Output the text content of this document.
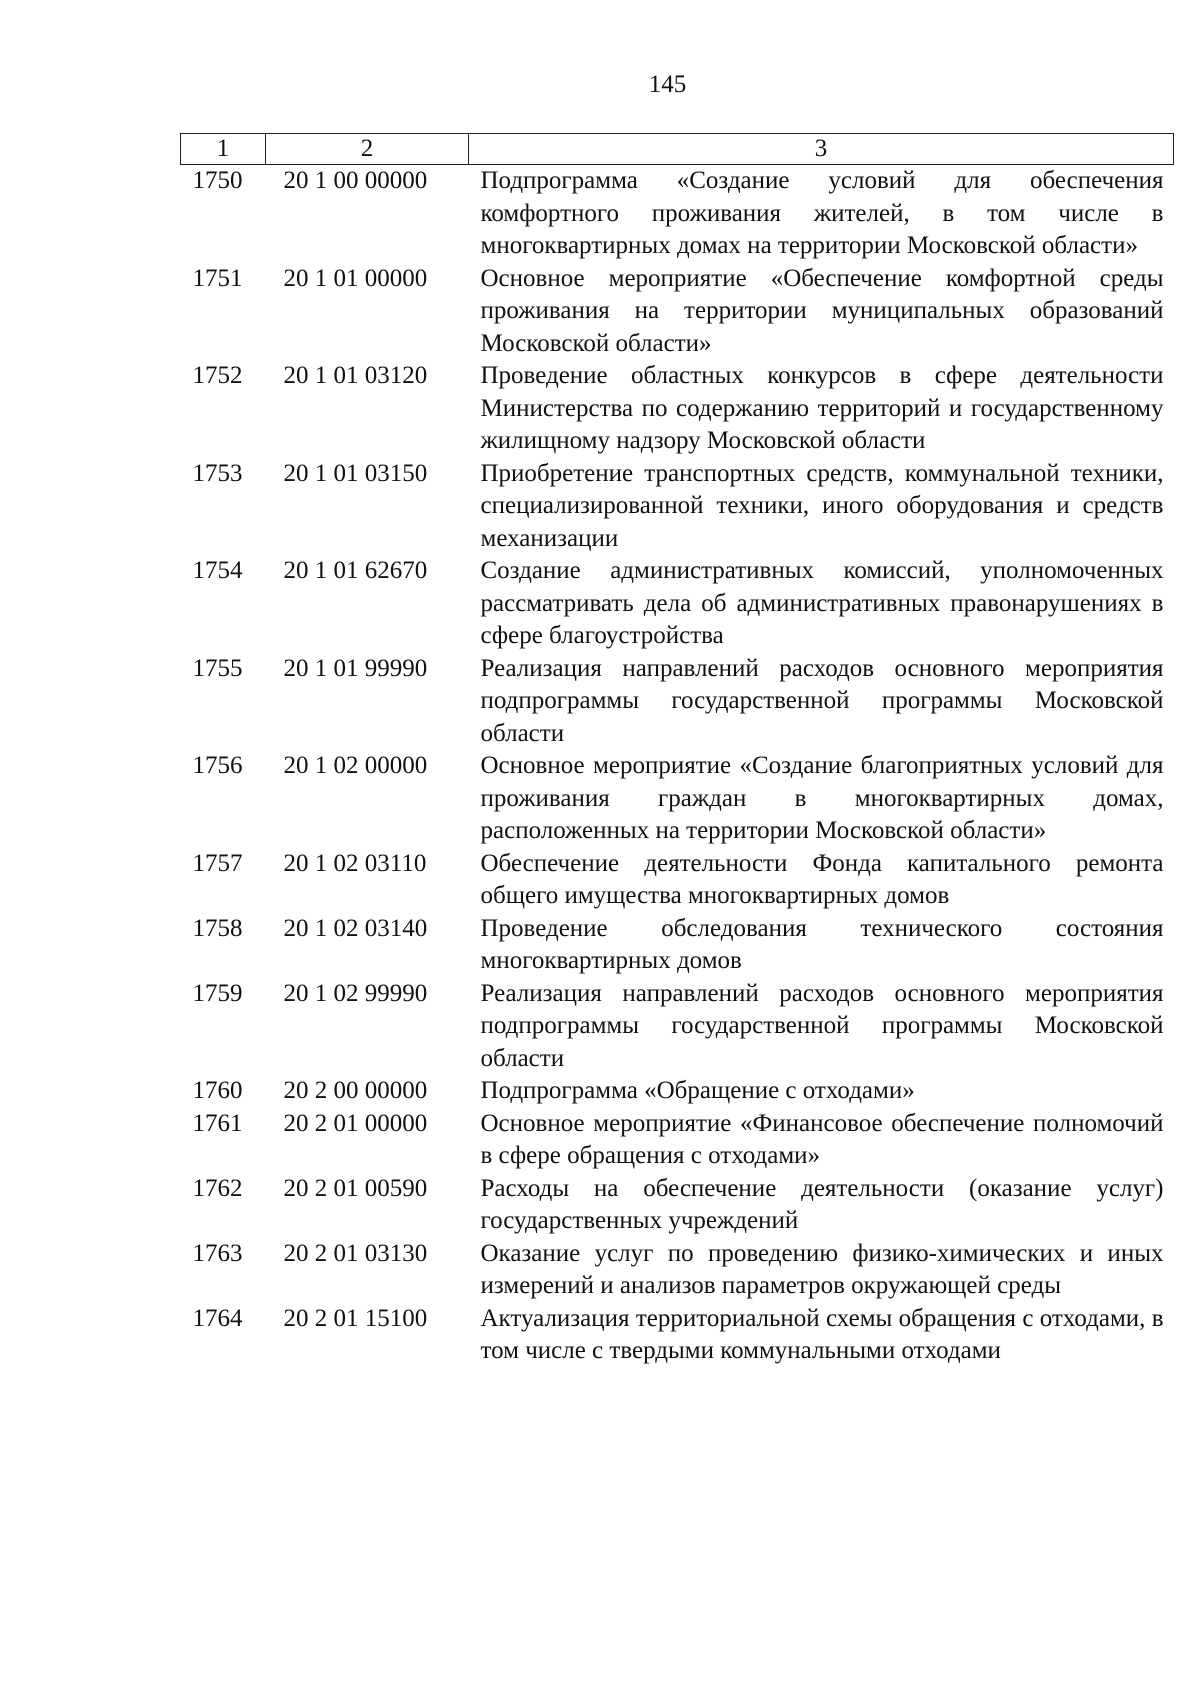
145
1	2	3
1750	20 1 00 00000	Подпрограмма «Создание условий для обеспечения комфортного проживания жителей, в том числе в многоквартирных домах на территории Московской области»
1751	20 1 01 00000	Основное мероприятие «Обеспечение комфортной среды проживания на территории муниципальных образований Московской области»
1752	20 1 01 03120	Проведение областных конкурсов в сфере деятельности Министерства по содержанию территорий и государственному жилищному надзору Московской области
1753	20 1 01 03150	Приобретение транспортных средств, коммунальной техники, специализированной техники, иного оборудования и средств механизации
1754	20 1 01 62670	Создание административных комиссий, уполномоченных рассматривать дела об административных правонарушениях в сфере благоустройства
1755	20 1 01 99990	Реализация направлений расходов основного мероприятия подпрограммы государственной программы Московской области
1756	20 1 02 00000	Основное мероприятие «Создание благоприятных условий для проживания граждан в многоквартирных домах, расположенных на территории Московской области»
1757	20 1 02 03110	Обеспечение деятельности Фонда капитального ремонта общего имущества многоквартирных домов
1758	20 1 02 03140	Проведение обследования технического состояния многоквартирных домов
1759	20 1 02 99990	Реализация направлений расходов основного мероприятия подпрограммы государственной программы Московской области
1760	20 2 00 00000	Подпрограмма «Обращение с отходами»
1761	20 2 01 00000	Основное мероприятие «Финансовое обеспечение полномочий в сфере обращения с отходами»
1762	20 2 01 00590	Расходы на обеспечение деятельности (оказание услуг) государственных учреждений
1763	20 2 01 03130	Оказание услуг по проведению физико-химических и иных измерений и анализов параметров окружающей среды
1764	20 2 01 15100	Актуализация территориальной схемы обращения с отходами, в том числе с твердыми коммунальными отходами
